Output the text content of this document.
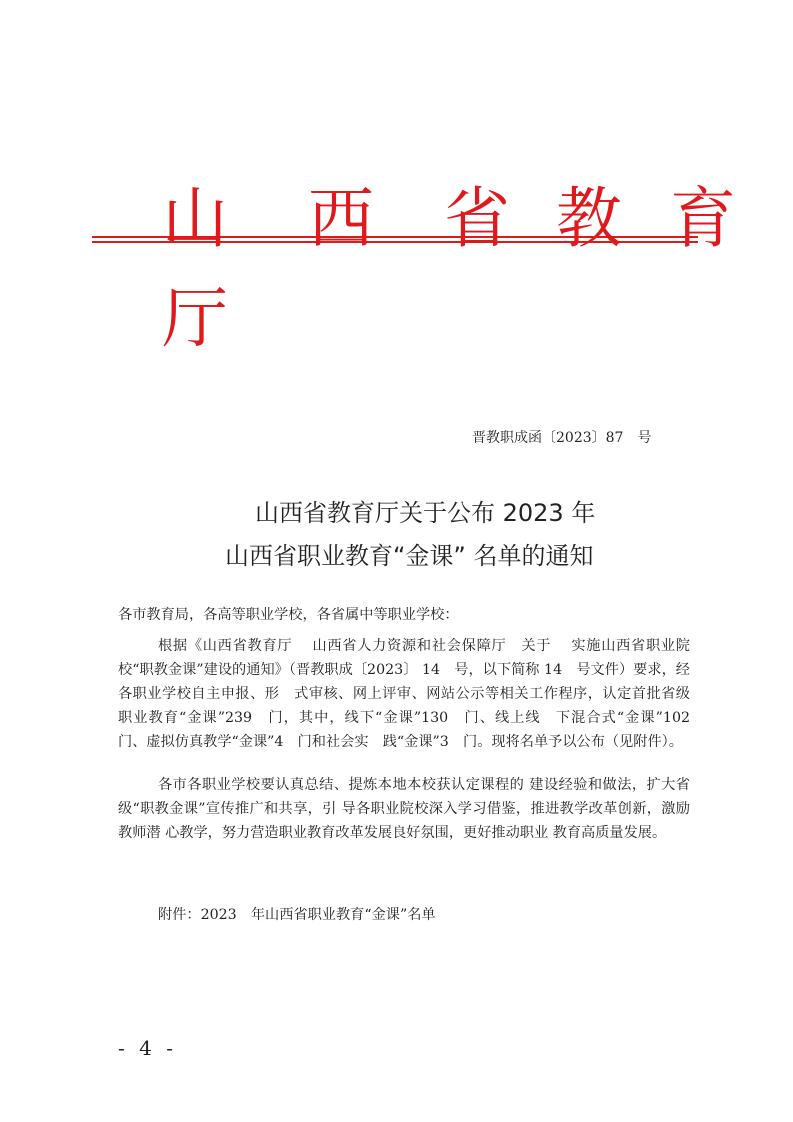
山 西 省 教 育
厅
晋教职成函〔2023〕87　号
山西省教育厅关于公布 2023 年
山西省职业教育“金课” 名单的通知
各市教育局，各高等职业学校，各省属中等职业学校：
根据《山西省教育厅　 山西省人力资源和社会保障厅　关于　 实施山西省职业院校“职教金课”建设的通知》（晋教职成〔2023〕 14　号，以下简称 14　号文件）要求，经各职业学校自主申报、形　式审核、网上评审、网站公示等相关工作程序，认定首批省级　 职业教育“金课”239　门，其中，线下“金课”130　门、线上线　下混合式“金课”102　门、虚拟仿真教学“金课”4　门和社会实　践“金课”3　门。现将名单予以公布（见附件）。
各市各职业学校要认真总结、提炼本地本校获认定课程的 建设经验和做法，扩大省级“职教金课”宣传推广和共享，引 导各职业院校深入学习借鉴，推进教学改革创新，激励教师潜 心教学，努力营造职业教育改革发展良好氛围，更好推动职业 教育高质量发展。
附件：2023　年山西省职业教育“金课”名单
- 4 -
